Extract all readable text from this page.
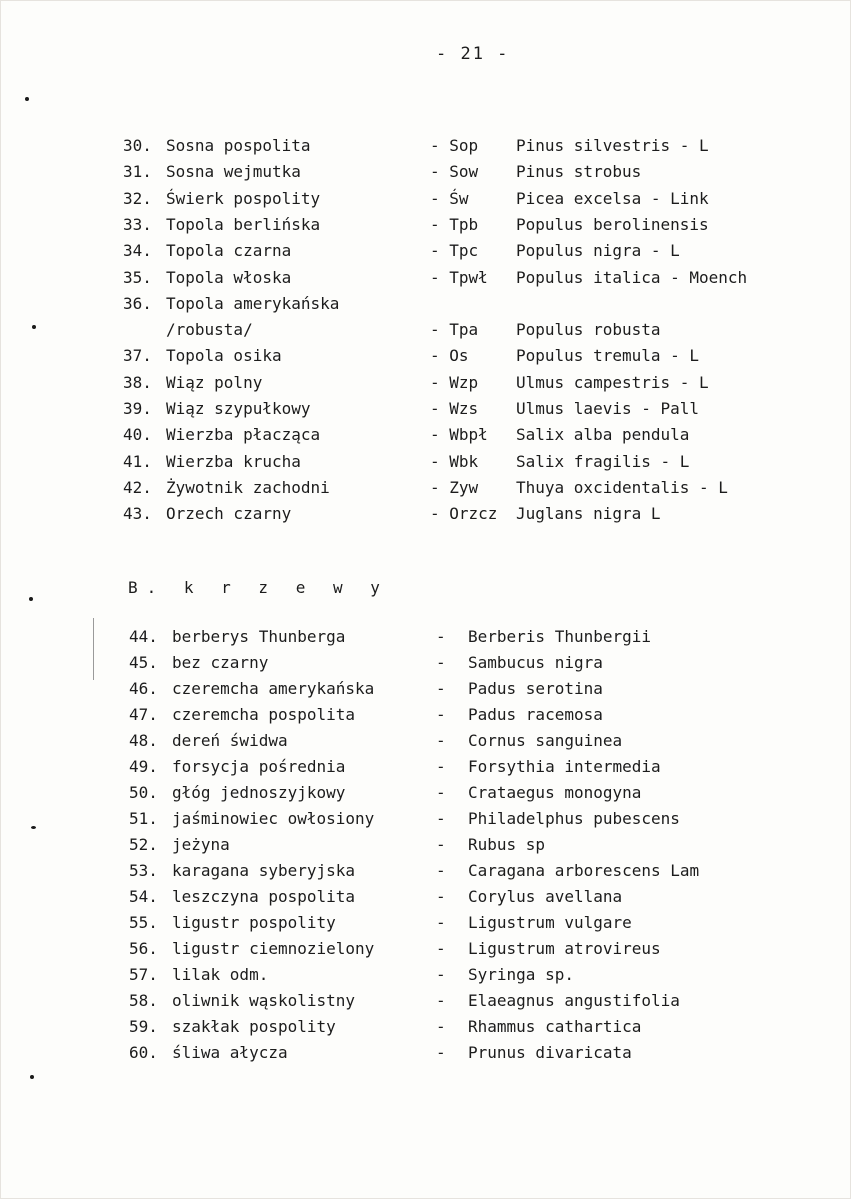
- 21 -
30. Sosna pospolita	- Sop Pinus silvestris - L
31. Sosna wejmutka	- Sow Pinus strobus
32. Świerk pospolity	- Św	Picea excelsa - Link
33. Topola berlińska	- Tpb Populus berolinensis
34. Topola czarna	- Tpc Populus nigra - L
35. Topola włoska	- Tpwł Populus italica - Moench
36. Topola amerykańska
/robusta/	- Tpa Populus robusta
37. Topola osika	- Os	Populus tremula - L
38. Wiąz polny	- Wzp Ulmus campestris - L
39. Wiąz szypułkowy	- Wzs Ulmus laevis - Pall
40. Wierzba płacząca	- Wbpł Salix alba pendula
41. Wierzba krucha	- Wbk Salix fragilis - L
42. Żywotnik zachodni	- Zyw Thuya oxcidentalis - L
43. Orzech czarny	- Orzcz Juglans nigra L
B. k r z e w y
44. berberys Thunberga	- Berberis Thunbergii
45. bez czarny	- Sambucus nigra
46. czeremcha amerykańska	- Padus serotina
47. czeremcha pospolita	- Padus racemosa
48. dereń świdwa	- Cornus sanguinea
49. forsycja pośrednia	- Forsythia intermedia
50. głóg jednoszyjkowy	- Crataegus monogyna
51. jaśminowiec owłosiony	- Philadelphus pubescens
52. jeżyna	- Rubus sp
53. karagana syberyjska	- Caragana arborescens Lam
54. leszczyna pospolita	- Corylus avellana
55. ligustr pospolity	- Ligustrum vulgare
56. ligustr ciemnozielony	- Ligustrum atrovireus
57. lilak odm.	- Syringa sp.
58. oliwnik wąskolistny	- Elaeagnus angustifolia
59. szakłak pospolity	- Rhammus cathartica
60. śliwa ałycza	- Prunus divaricata
